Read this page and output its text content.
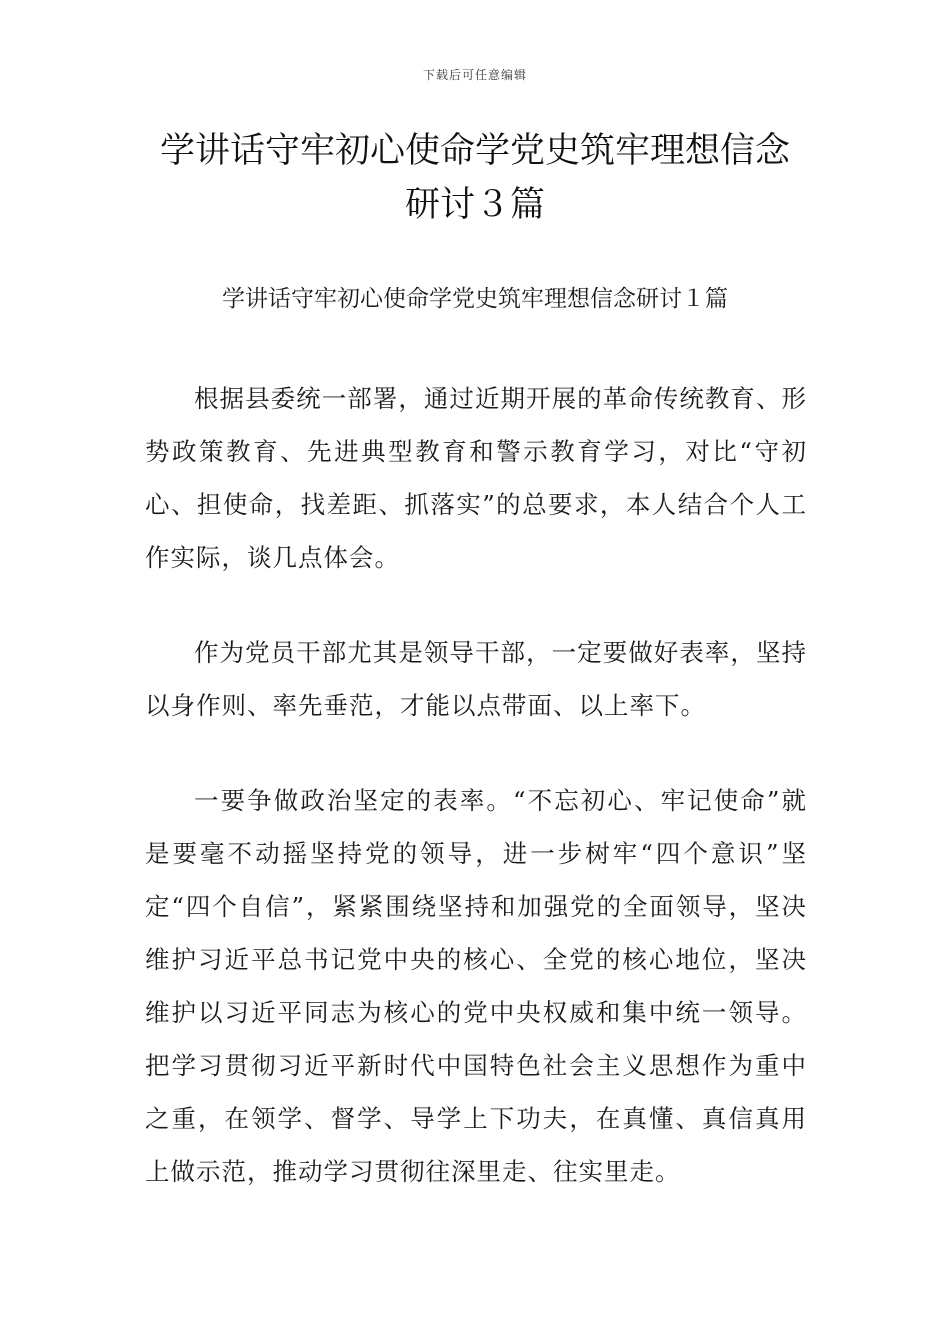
下载后可任意编辑
学讲话守牢初心使命学党史筑牢理想信念
研讨３篇

学讲话守牢初心使命学党史筑牢理想信念研讨１篇

根据县委统一部署，通过近期开展的革命传统教育、形势政策教育、先进典型教育和警示教育学习，对比“守初心、担使命，找差距、抓落实”的总要求，本人结合个人工作实际，谈几点体会。

作为党员干部尤其是领导干部，一定要做好表率，坚持以身作则、率先垂范，才能以点带面、以上率下。

一要争做政治坚定的表率。“不忘初心、牢记使命”就是要毫不动摇坚持党的领导，进一步树牢“四个意识”坚定“四个自信”，紧紧围绕坚持和加强党的全面领导，坚决维护习近平总书记党中央的核心、全党的核心地位，坚决维护以习近平同志为核心的党中央权威和集中统一领导。把学习贯彻习近平新时代中国特色社会主义思想作为重中之重，在领学、督学、导学上下功夫，在真懂、真信真用上做示范，推动学习贯彻往深里走、往实里走。
